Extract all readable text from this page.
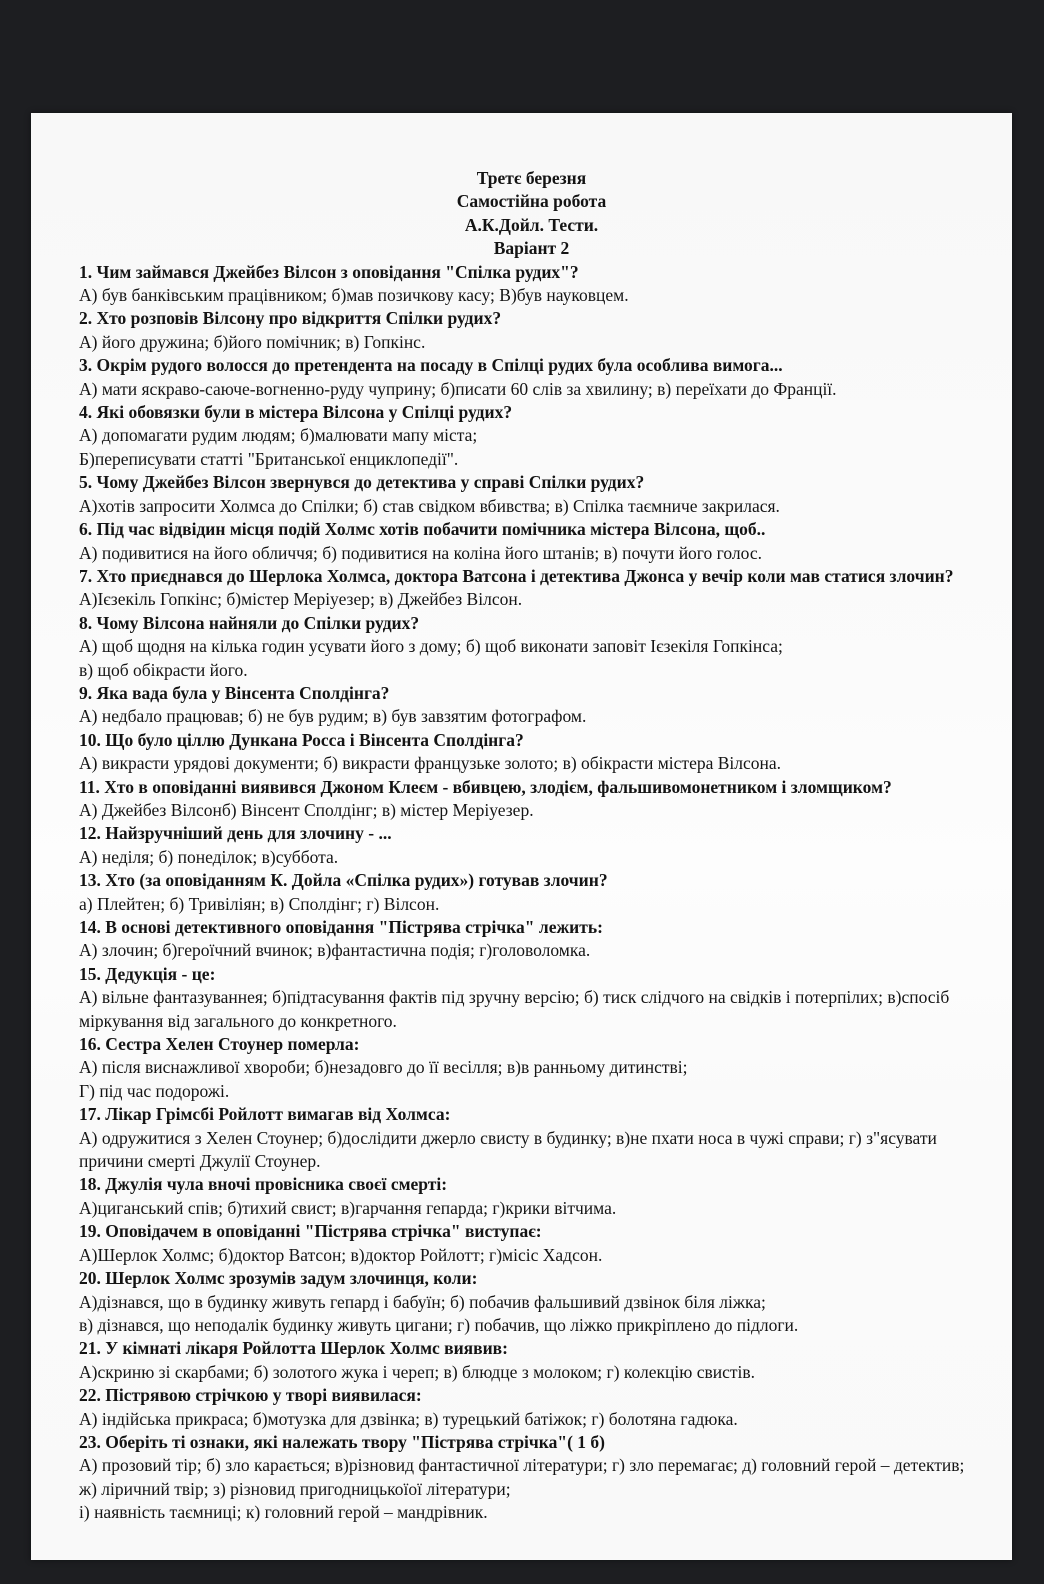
Третє березня
Самостійна робота
А.К.Дойл. Тести.
Варіант 2
1. Чим займався Джейбез Вілсон з оповідання "Спілка рудих"?
А) був банківським працівником; б)мав позичкову касу; В)був науковцем.
2. Хто розповів Вілсону про відкриття Спілки рудих?
А) його дружина; б)його помічник; в) Гопкінс.
3. Окрім рудого волосся до претендента на посаду в Спілці рудих була особлива вимога...
А) мати яскраво-саюче-вогненно-руду чуприну; б)писати 60 слів за хвилину; в) переїхати до Франції.
4. Які обовязки були в містера Вілсона у Спілці рудих?
А) допомагати рудим людям; б)малювати мапу міста;
Б)переписувати статті "Британської енциклопедії".
5. Чому Джейбез Вілсон звернувся до детектива у справі Спілки рудих?
А)хотів запросити Холмса до Спілки; б) став свідком вбивства; в) Спілка таємниче закрилася.
6. Під час відвідин місця подій Холмс хотів побачити помічника містера Вілсона, щоб..
А) подивитися на його обличчя; б) подивитися на коліна його штанів; в) почути його голос.
7. Хто приєднався до Шерлока Холмса, доктора Ватсона і детектива Джонса у вечір коли мав статися злочин?
А)Ієзекіль Гопкінс; б)містер Меріуезер; в) Джейбез Вілсон.
8. Чому Вілсона найняли до Спілки рудих?
А) щоб щодня на кілька годин усувати його з дому; б) щоб виконати заповіт Ієзекіля Гопкінса;
в) щоб обікрасти його.
9. Яка вада була у Вінсента Сполдінга?
А) недбало працював; б) не був рудим; в) був завзятим фотографом.
10. Що було ціллю Дункана Росса і Вінсента Сполдінга?
А) викрасти урядові документи; б) викрасти французьке золото; в) обікрасти містера Вілсона.
11. Хто в оповіданні виявився Джоном Клеєм - вбивцею, злодієм, фальшивомонетником і зломщиком?
А) Джейбез Вілсонб) Вінсент Сполдінг; в) містер Меріуезер.
12. Найзручніший день для злочину - ...
А) неділя; б) понеділок; в)суббота.
13. Хто (за оповіданням К. Дойла «Спілка рудих») готував злочин?
а) Плейтен; б) Тривіліян; в) Сполдінг; г) Вілсон.
14. В основі детективного оповідання "Пістрява стрічка" лежить:
А) злочин; б)героїчний вчинок; в)фантастична подія; г)головоломка.
15. Дедукція - це:
А) вільне фантазуваннея; б)підтасування фактів під зручну версію; б) тиск слідчого на свідків і потерпілих; в)спосіб міркування від загального до конкретного.
16. Сестра Хелен Стоунер померла:
А) після виснажливої хвороби; б)незадовго до її весілля; в)в ранньому дитинстві;
Г) під час подорожі.
17. Лікар Грімсбі Ройлотт вимагав від Холмса:
А) одружитися з Хелен Стоунер; б)дослідити джерло свисту в будинку; в)не пхати носа в чужі справи; г) з"ясувати причини смерті Джулії Стоунер.
18. Джулія чула вночі провісника своєї смерті:
А)циганський спів; б)тихий свист; в)гарчання гепарда; г)крики вітчима.
19. Оповідачем в оповіданні "Пістрява стрічка" виступає:
А)Шерлок Холмс; б)доктор Ватсон; в)доктор Ройлотт; г)місіс Хадсон.
20. Шерлок Холмс зрозумів задум злочинця, коли:
А)дізнався, що в будинку живуть гепард і бабуїн; б) побачив фальшивий дзвінок біля ліжка;
в) дізнався, що неподалік будинку живуть цигани; г) побачив, що ліжко прикріплено до підлоги.
21. У кімнаті лікаря Ройлотта Шерлок Холмс виявив:
А)скриню зі скарбами; б) золотого жука і череп; в) блюдце з молоком; г) колекцію свистів.
22. Пістрявою стрічкою у творі виявилася:
А) індійська прикраса; б)мотузка для дзвінка; в) турецький батіжок; г) болотяна гадюка.
23. Оберіть ті ознаки, які належать твору "Пістрява стрічка"( 1 б)
А) прозовий тір; б) зло карається; в)різновид фантастичної літератури; г) зло перемагає; д) головний герой – детектив; ж) ліричний твір; з) різновид пригодницькоїої літератури;
і) наявність таємниці; к) головний герой – мандрівник.
